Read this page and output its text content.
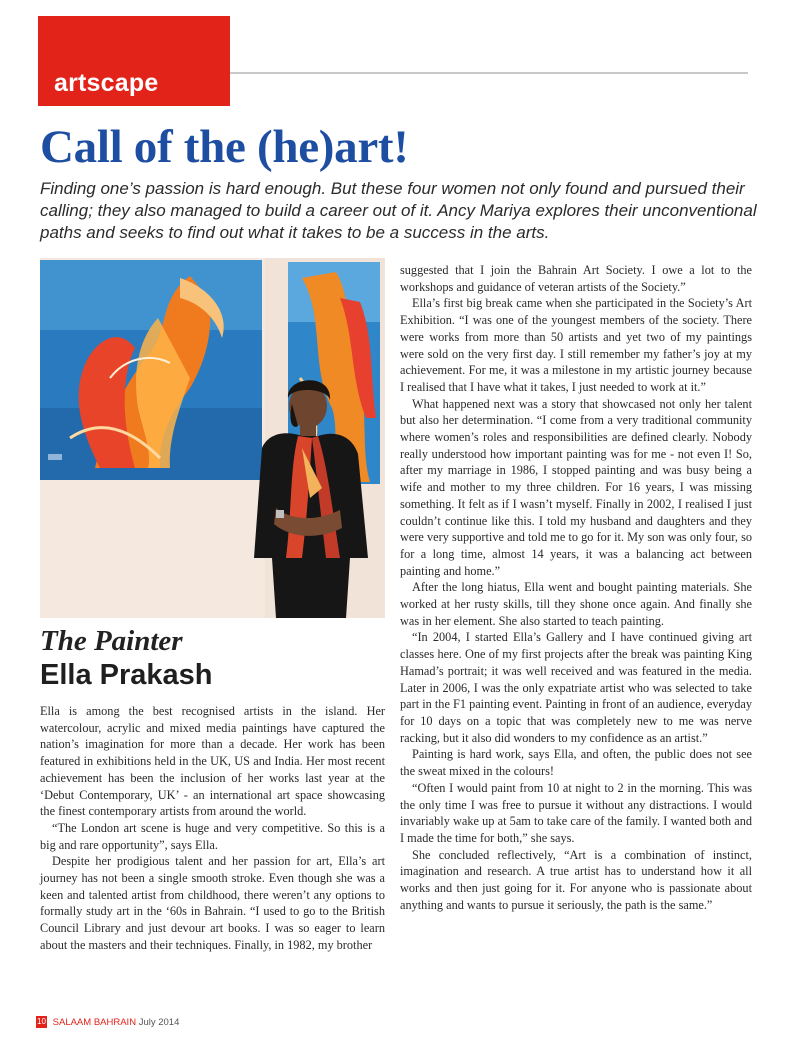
artscape
Call of the (he)art!

Finding one’s passion is hard enough. But these four women not only found and pursued their calling; they also managed to build a career out of it. Ancy Mariya explores their unconventional paths and seeks to find out what it takes to be a success in the arts.

The Painter
Ella Prakash

Ella is among the best recognised artists in the island. Her watercolour, acrylic and mixed media paintings have captured the nation’s imagination for more than a decade. Her work has been featured in exhibitions held in the UK, US and India. Her most recent achievement has been the inclusion of her works last year at the ‘Debut Contemporary, UK’ - an international art space showcasing the finest contemporary artists from around the world.

“The London art scene is huge and very competitive. So this is a big and rare opportunity”, says Ella.

Despite her prodigious talent and her passion for art, Ella’s art journey has not been a single smooth stroke. Even though she was a keen and talented artist from childhood, there weren’t any options to formally study art in the ‘60s in Bahrain. “I used to go to the British Council Library and just devour art books. I was so eager to learn about the masters and their techniques. Finally, in 1982, my brother

suggested that I join the Bahrain Art Society. I owe a lot to the workshops and guidance of veteran artists of the Society.”

Ella’s first big break came when she participated in the Society’s Art Exhibition. “I was one of the youngest members of the society. There were works from more than 50 artists and yet two of my paintings were sold on the very first day. I still remember my father’s joy at my achievement. For me, it was a milestone in my artistic journey because I realised that I have what it takes, I just needed to work at it.”

What happened next was a story that showcased not only her talent but also her determination. “I come from a very traditional community where women’s roles and responsibilities are defined clearly. Nobody really understood how important painting was for me - not even I! So, after my marriage in 1986, I stopped painting and was busy being a wife and mother to my three children. For 16 years, I was missing something. It felt as if I wasn’t myself. Finally in 2002, I realised I just couldn’t continue like this. I told my husband and daughters and they were very supportive and told me to go for it. My son was only four, so for a long time, almost 14 years, it was a balancing act between painting and home.”

After the long hiatus, Ella went and bought painting materials. She worked at her rusty skills, till they shone once again. And finally she was in her element. She also started to teach painting.

“In 2004, I started Ella’s Gallery and I have continued giving art classes here. One of my first projects after the break was painting King Hamad’s portrait; it was well received and was featured in the media. Later in 2006, I was the only expatriate artist who was selected to take part in the F1 painting event. Painting in front of an audience, everyday for 10 days on a topic that was completely new to me was nerve racking, but it also did wonders to my confidence as an artist.”

Painting is hard work, says Ella, and often, the public does not see the sweat mixed in the colours!

“Often I would paint from 10 at night to 2 in the morning. This was the only time I was free to pursue it without any distractions. I would invariably wake up at 5am to take care of the family. I wanted both and I made the time for both,” she says.

She concluded reflectively, “Art is a combination of instinct, imagination and research. A true artist has to understand how it all works and then just going for it. For anyone who is passionate about anything and wants to pursue it seriously, the path is the same.”

10 SALAAM BAHRAIN July 2014
